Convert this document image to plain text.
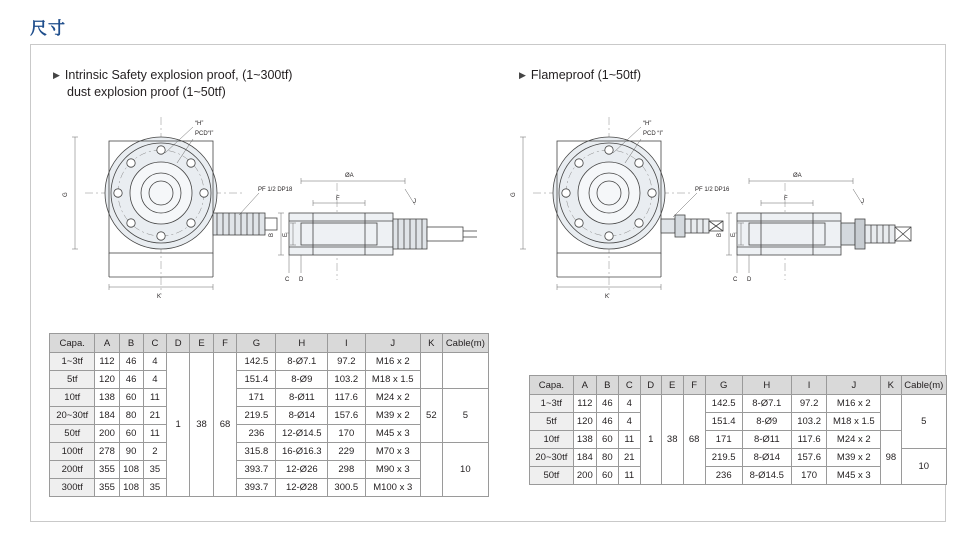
尺寸
▶ Intrinsic Safety explosion proof, (1~300tf)
dust explosion proof (1~50tf)
“H”
PCD“I”
PF 1/2 DP18
G
K
ØA
J
F
B E
C D
Capa.	A	B	C	D	E	F	G	H	I	J	K	Cable(m)
1~3tf	112	46	4	1	38	68	142.5	8-Ø7.1	97.2	M16 x 2		
5tf	120	46	4				151.4	8-Ø9	103.2	M18 x 1.5		
10tf	138	60	11				171	8-Ø11	117.6	M24 x 2	52	5
20~30tf	184	80	21				219.5	8-Ø14	157.6	M39 x 2		
50tf	200	60	11				236	12-Ø14.5	170	M45 x 3		
100tf	278	90	2				315.8	16-Ø16.3	229	M70 x 3		10
200tf	355	108	35				393.7	12-Ø26	298	M90 x 3		
300tf	355	108	35				393.7	12-Ø28	300.5	M100 x 3		
▶ Flameproof (1~50tf)
“H”
PCD “I”
PF 1/2 DP16
G
K
ØA
J
F
B E
C D
Capa.	A	B	C	D	E	F	G	H	I	J	K	Cable(m)
1~3tf	112	46	4	1	38	68	142.5	8-Ø7.1	97.2	M16 x 2		5
5tf	120	46	4				151.4	8-Ø9	103.2	M18 x 1.5		
10tf	138	60	11				171	8-Ø11	117.6	M24 x 2	98	
20~30tf	184	80	21				219.5	8-Ø14	157.6	M39 x 2		10
50tf	200	60	11				236	8-Ø14.5	170	M45 x 3		
